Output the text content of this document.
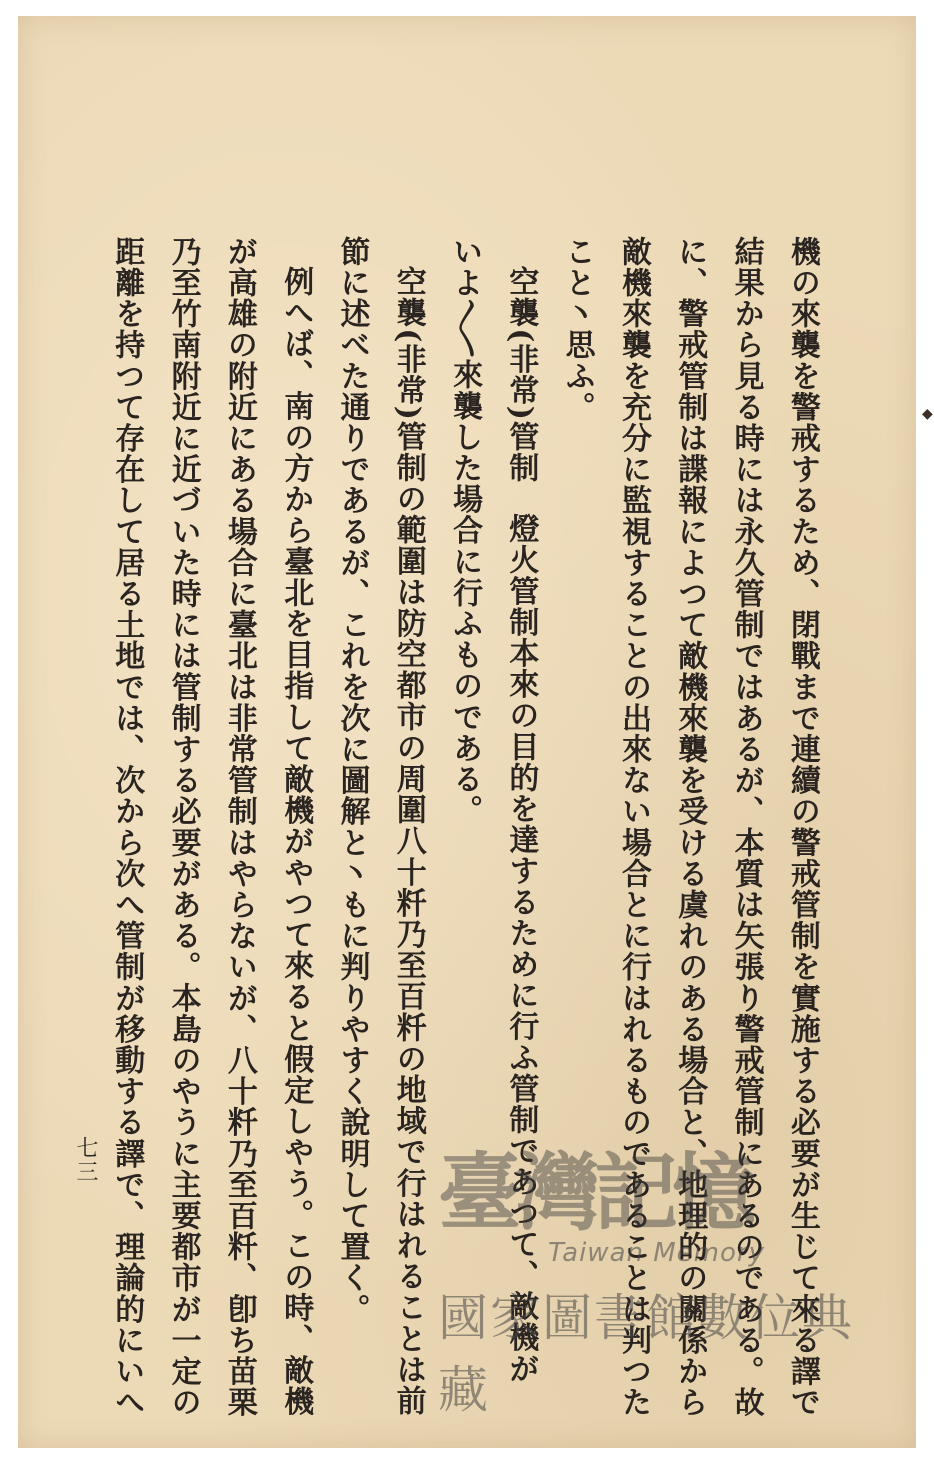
機の來襲を警戒するため、閉戰まで連續の警戒管制を實施する必要が生じて來る譯で
結果から見る時には永久管制ではあるが、本質は矢張り警戒管制にあるのである。故
に、警戒管制は諜報によつて敵機來襲を受ける虞れのある場合と、地理的の關係から
敵機來襲を充分に監視することの出來ない場合とに行はれるものであることは判つた
こと丶思ふ。
空襲(非常)管制燈火管制本來の目的を達するために行ふ管制であつて、敵機が
いよ〳〵來襲した場合に行ふものである。
空襲(非常)管制の範圍は防空都市の周圍八十粁乃至百粁の地域で行はれることは前
節に述べた通りであるが、これを次に圖解と丶もに判りやすく說明して置く。
例へば、南の方から臺北を目指して敵機がやつて來ると假定しやう。この時、敵機
が高雄の附近にある場合に臺北は非常管制はやらないが、八十粁乃至百粁、卽ち苗栗
乃至竹南附近に近づいた時には管制する必要がある。本島のやうに主要都市が一定の
距離を持つて存在して居る土地では、次から次へ管制が移動する譯で、理論的にいへ
七三
◆
臺灣記憶
Taiwan Memory
國家圖書館數位典藏
